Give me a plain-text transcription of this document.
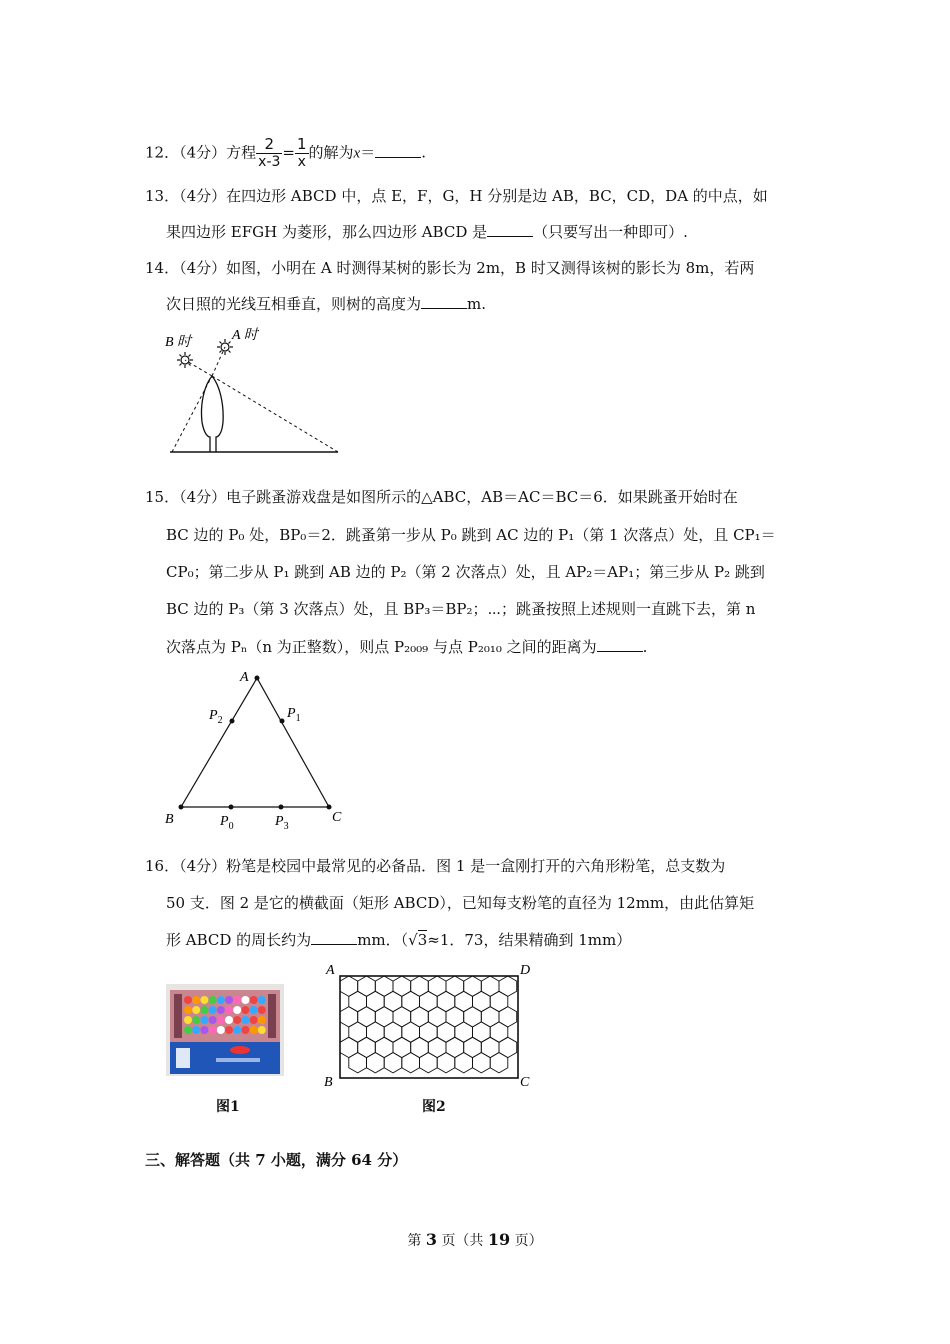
12．（4分）方程 $\frac{2}{x-3} = \frac{1}{x}$ 的解为x＝	.
13．（4分）在四边形 ABCD 中，点 E，F，G，H 分别是边 AB，BC，CD，DA 的中点，如
果四边形 EFGH 为菱形，那么四边形 ABCD 是	（只要写出一种即可）.
14．（4分）如图，小明在 A 时测得某树的影长为 2m，B 时又测得该树的影长为 8m，若两
次日照的光线互相垂直，则树的高度为	m.
B 时	A 时
15．（4分）电子跳蚤游戏盘是如图所示的△ABC，AB＝AC＝BC＝6．如果跳蚤开始时在
BC 边的 P₀ 处，BP₀＝2．跳蚤第一步从 P₀ 跳到 AC 边的 P₁（第 1 次落点）处，且 CP₁＝
CP₀；第二步从 P₁ 跳到 AB 边的 P₂（第 2 次落点）处，且 AP₂＝AP₁；第三步从 P₂ 跳到
BC 边的 P₃（第 3 次落点）处，且 BP₃＝BP₂；⋯；跳蚤按照上述规则一直跳下去，第 n
次落点为 Pₙ（n 为正整数），则点 P₂₀₀₉ 与点 P₂₀₁₀ 之间的距离为	.
A
B	C
$P_2$	$P_1$
$P_0$	$P_3$
16．（4分）粉笔是校园中最常见的必备品．图 1 是一盒刚打开的六角形粉笔，总支数为
50 支．图 2 是它的横截面（矩形 ABCD），已知每支粉笔的直径为 12mm，由此估算矩
形 ABCD 的周长约为	mm．（√3≈1．73，结果精确到 1mm）
图1
A	D
B	C
图2
三、解答题（共 7 小题，满分 64 分）
第 3 页（共 19 页）
